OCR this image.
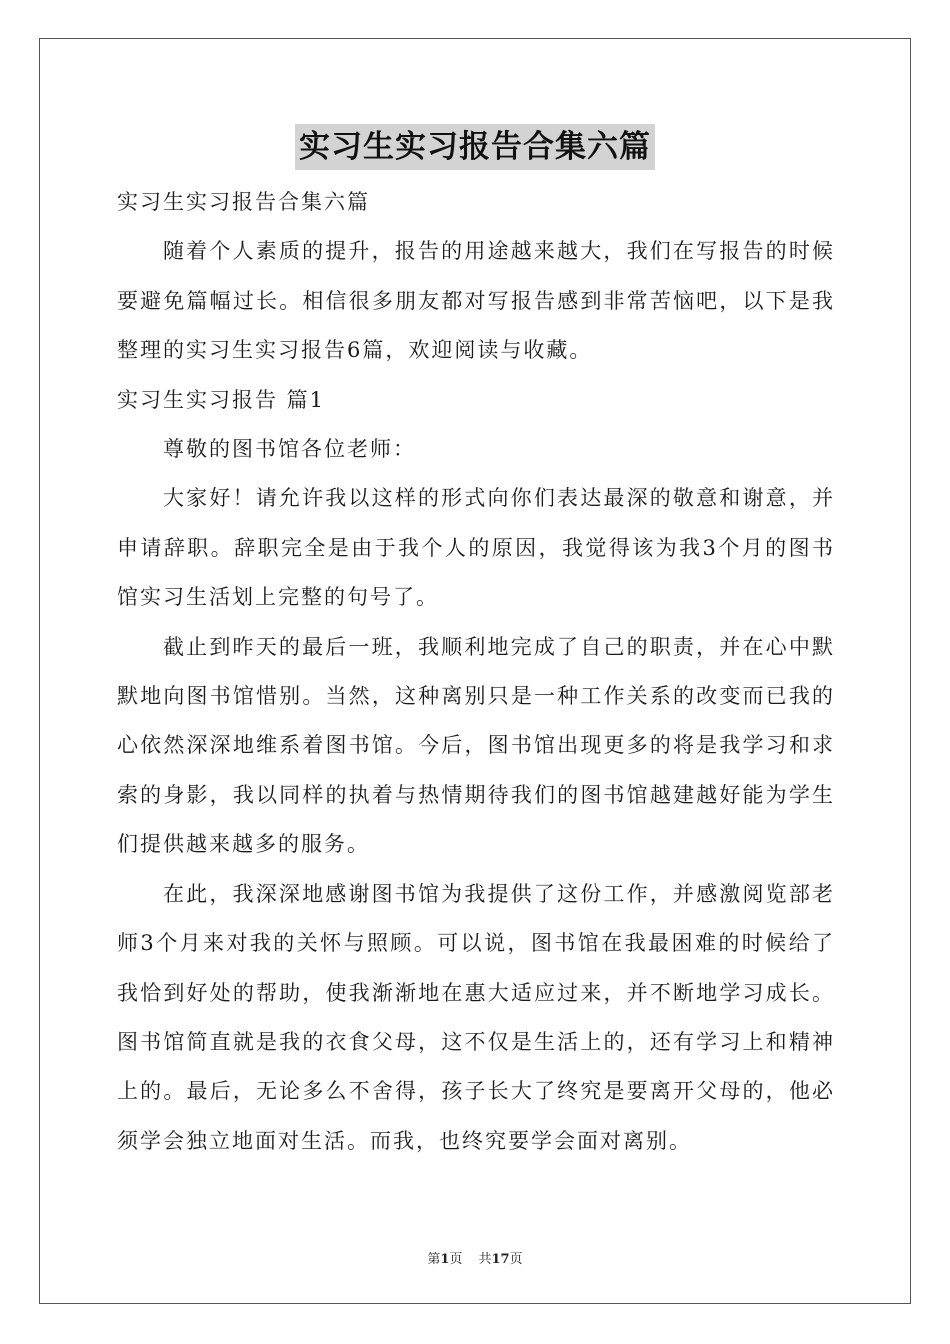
实习生实习报告合集六篇

实习生实习报告合集六篇

随着个人素质的提升，报告的用途越来越大，我们在写报告的时候要避免篇幅过长。相信很多朋友都对写报告感到非常苦恼吧，以下是我整理的实习生实习报告6篇，欢迎阅读与收藏。

实习生实习报告 篇1

尊敬的图书馆各位老师：

大家好！请允许我以这样的形式向你们表达最深的敬意和谢意，并申请辞职。辞职完全是由于我个人的原因，我觉得该为我3个月的图书馆实习生活划上完整的句号了。

截止到昨天的最后一班，我顺利地完成了自己的职责，并在心中默默地向图书馆惜别。当然，这种离别只是一种工作关系的改变而已我的心依然深深地维系着图书馆。今后，图书馆出现更多的将是我学习和求索的身影，我以同样的执着与热情期待我们的图书馆越建越好能为学生们提供越来越多的服务。

在此，我深深地感谢图书馆为我提供了这份工作，并感激阅览部老师3个月来对我的关怀与照顾。可以说，图书馆在我最困难的时候给了我恰到好处的帮助，使我渐渐地在惠大适应过来，并不断地学习成长。图书馆简直就是我的衣食父母，这不仅是生活上的，还有学习上和精神上的。最后，无论多么不舍得，孩子长大了终究是要离开父母的，他必须学会独立地面对生活。而我，也终究要学会面对离别。

第1页 共17页
